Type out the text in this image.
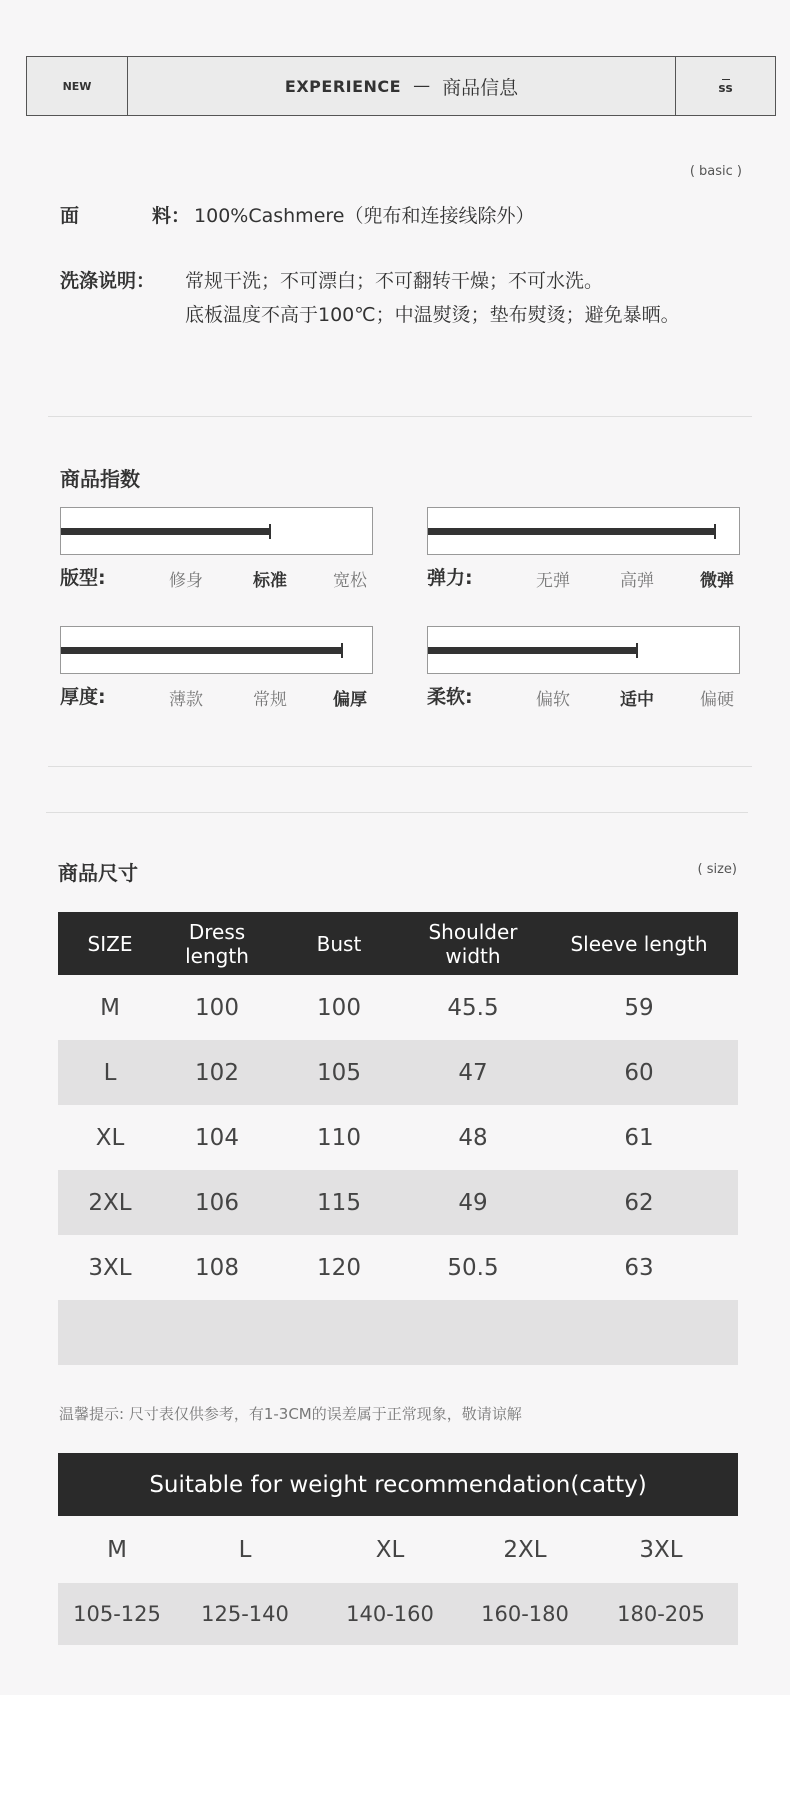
NEW	EXPERIENCE — 商品信息	ss
( basic )
面	料： 100%Cashmere（兜布和连接线除外）
洗涤说明： 常规干洗；不可漂白；不可翻转干燥；不可水洗。
底板温度不高于100℃；中温熨烫；垫布熨烫；避免暴晒。
商品指数
版型:	修身	标准	宽松	弹力:	无弹	高弹	微弹
厚度:	薄款	常规	偏厚	柔软:	偏软	适中	偏硬
商品尺寸	( size)
SIZE	Dress length	Bust	Shoulder width	Sleeve length
M	100	100	45.5	59
L	102	105	47	60
XL	104	110	48	61
2XL	106	115	49	62
3XL	108	120	50.5	63

温馨提示: 尺寸表仅供参考，有1-3CM的误差属于正常现象，敬请谅解
Suitable for weight recommendation(catty)
M	L	XL	2XL	3XL
105-125	125-140	140-160	160-180	180-205
